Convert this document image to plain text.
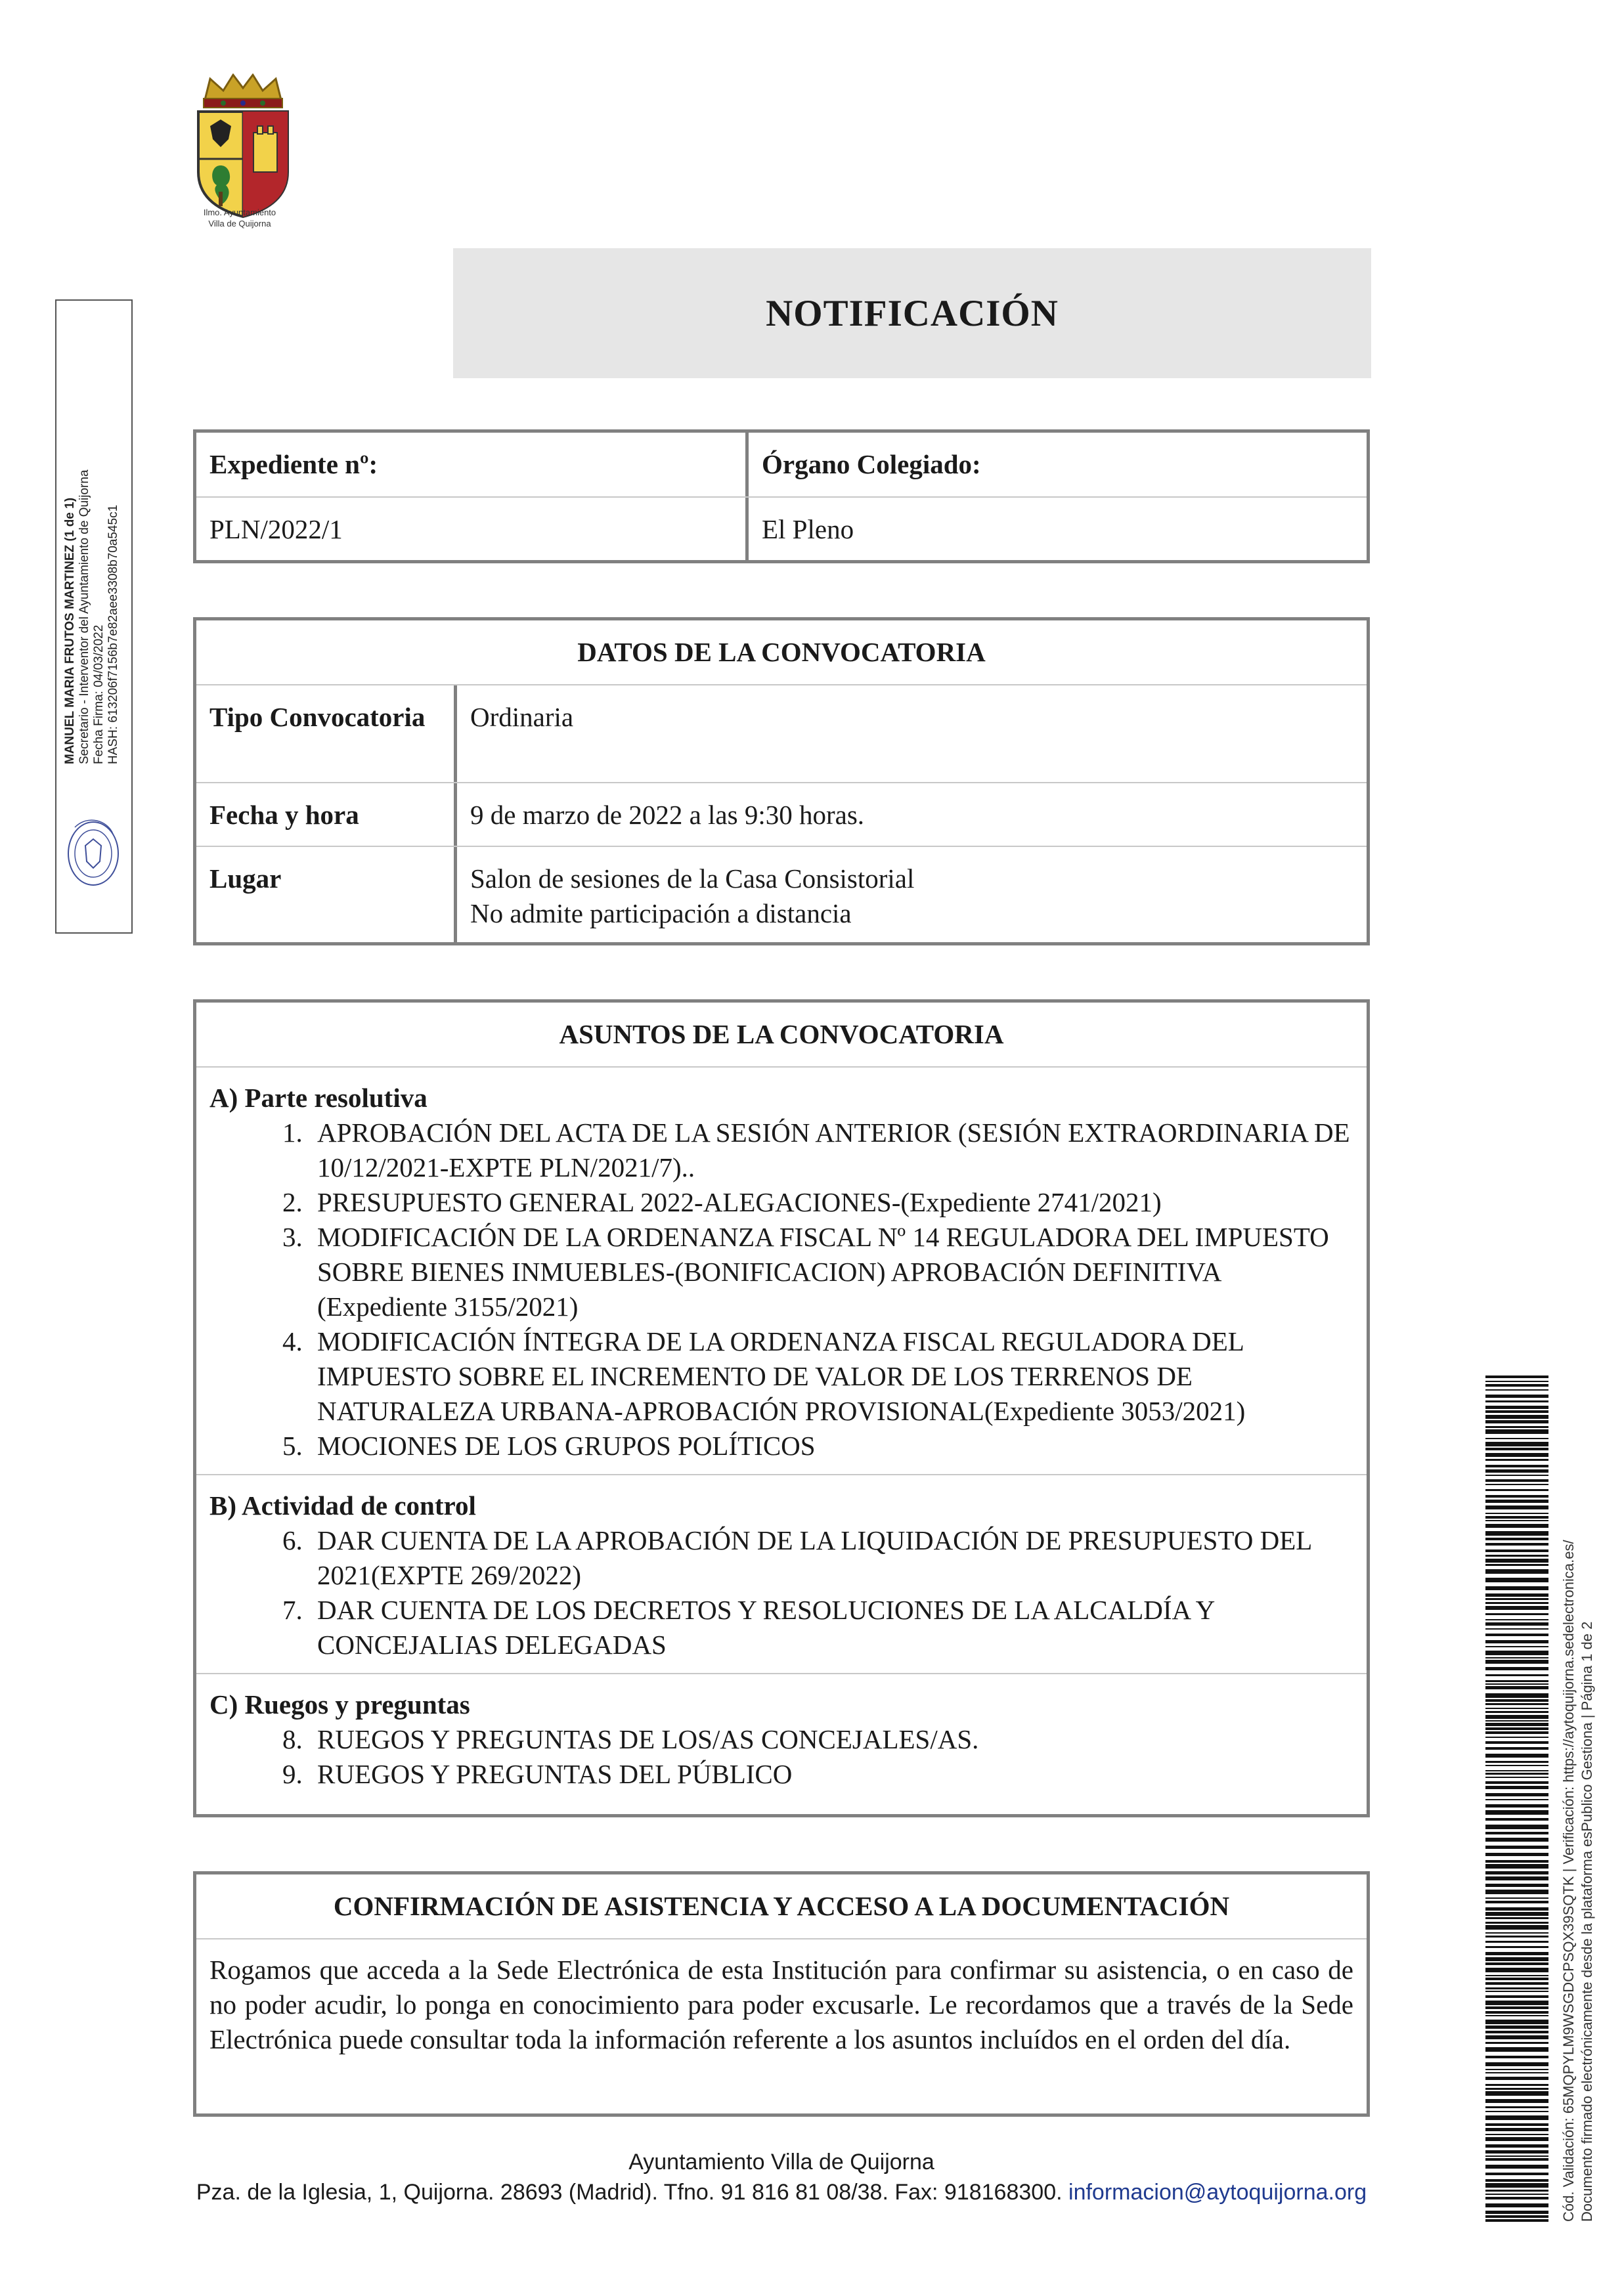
Ilmo. Ayuntamiento
Villa de Quijorna
NOTIFICACIÓN
Expediente nº:	Órgano Colegiado:
PLN/2022/1	El Pleno
DATOS DE LA CONVOCATORIA
Tipo Convocatoria	Ordinaria
Fecha y hora	9 de marzo de 2022 a las 9:30 horas.
Lugar	Salon de sesiones de la Casa Consistorial
No admite participación a distancia
ASUNTOS DE LA CONVOCATORIA
A) Parte resolutiva
1. APROBACIÓN DEL ACTA DE LA SESIÓN ANTERIOR (SESIÓN EXTRAORDINARIA DE 10/12/2021-EXPTE PLN/2021/7)..
2. PRESUPUESTO GENERAL 2022-ALEGACIONES-(Expediente 2741/2021)
3. MODIFICACIÓN DE LA ORDENANZA FISCAL Nº 14 REGULADORA DEL IMPUESTO SOBRE BIENES INMUEBLES-(BONIFICACION) APROBACIÓN DEFINITIVA (Expediente 3155/2021)
4. MODIFICACIÓN ÍNTEGRA DE LA ORDENANZA FISCAL REGULADORA DEL IMPUESTO SOBRE EL INCREMENTO DE VALOR DE LOS TERRENOS DE NATURALEZA URBANA-APROBACIÓN PROVISIONAL(Expediente 3053/2021)
5. MOCIONES DE LOS GRUPOS POLÍTICOS
B) Actividad de control
6. DAR CUENTA DE LA APROBACIÓN DE LA LIQUIDACIÓN DE PRESUPUESTO DEL 2021(EXPTE 269/2022)
7. DAR CUENTA DE LOS DECRETOS Y RESOLUCIONES DE LA ALCALDÍA Y CONCEJALIAS DELEGADAS
C) Ruegos y preguntas
8. RUEGOS Y PREGUNTAS DE LOS/AS CONCEJALES/AS.
9. RUEGOS Y PREGUNTAS DEL PÚBLICO
CONFIRMACIÓN DE ASISTENCIA Y ACCESO A LA DOCUMENTACIÓN
Rogamos que acceda a la Sede Electrónica de esta Institución para confirmar su asistencia, o en caso de no poder acudir, lo ponga en conocimiento para poder excusarle. Le recordamos que a través de la Sede Electrónica puede consultar toda la información referente a los asuntos incluídos en el orden del día.
Ayuntamiento Villa de Quijorna
Pza. de la Iglesia, 1, Quijorna. 28693 (Madrid). Tfno. 91 816 81 08/38. Fax: 918168300. informacion@aytoquijorna.org
MANUEL MARIA FRUTOS MARTINEZ (1 de 1) Secretario - Interventor del Ayuntamiento de Quijorna Fecha Firma: 04/03/2022 HASH: 613206f7156b7e82aee3308b70a545c1
Cód. Validación: 65MQPYLM9WSGDCPSQX39SQTK | Verificación: https://aytoquijorna.sedelectronica.es/ Documento firmado electrónicamente desde la plataforma esPublico Gestiona | Página 1 de 2
